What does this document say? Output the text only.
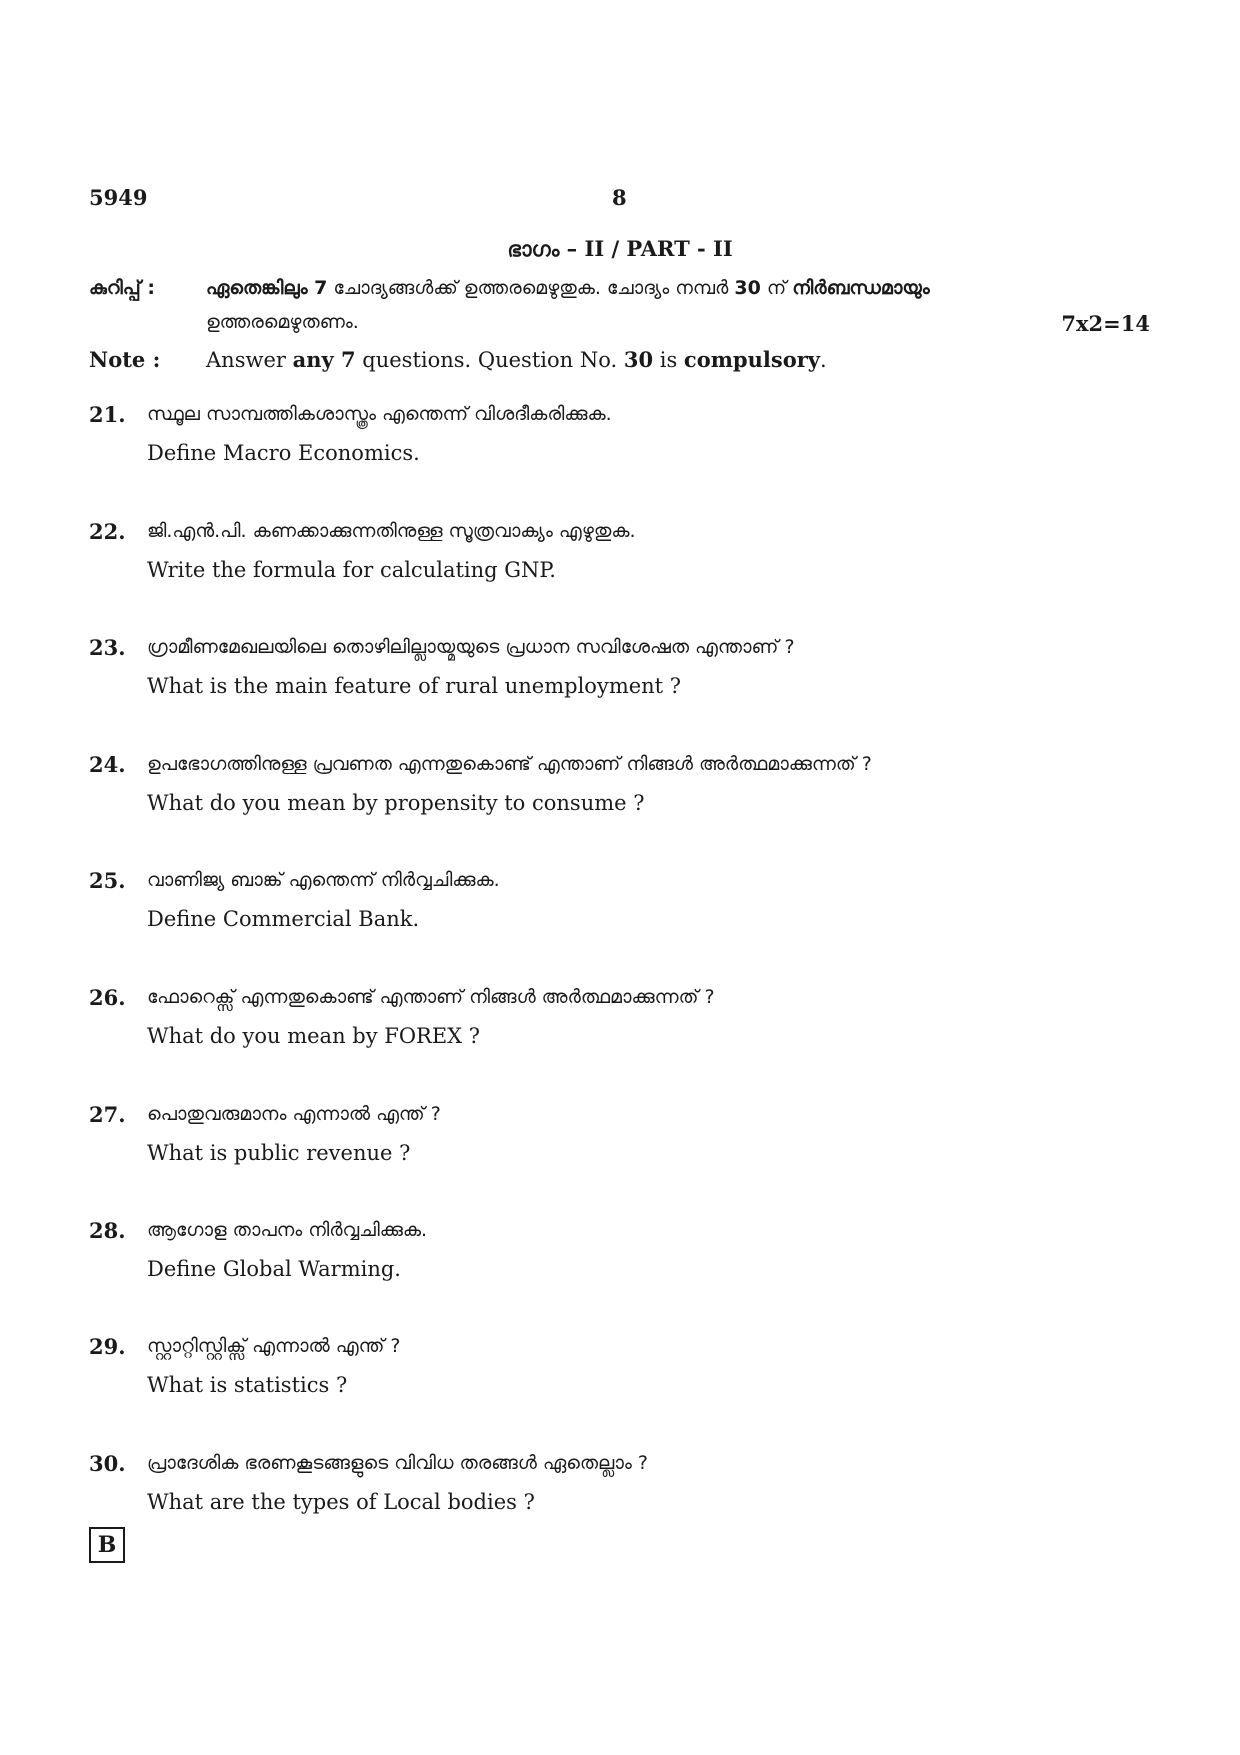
5949	8
ഭാഗം – II / PART - II
കുറിപ്പ് :	ഏതെങ്കിലും 7 ചോദ്യങ്ങൾക്ക് ഉത്തരമെഴുതുക. ചോദ്യം നമ്പർ 30 ന് നിർബന്ധമായും
ഉത്തരമെഴുതണം.	7x2=14
Note : Answer any 7 questions. Question No. 30 is compulsory.
21. സ്ഥൂല സാമ്പത്തികശാസ്ത്രം എന്തെന്ന് വിശദീകരിക്കുക.
Define Macro Economics.
22. ജി.എൻ.പി. കണക്കാക്കുന്നതിനുള്ള സൂത്രവാക്യം എഴുതുക.
Write the formula for calculating GNP.
23. ഗ്രാമീണമേഖലയിലെ തൊഴിലില്ലായ്മയുടെ പ്രധാന സവിശേഷത എന്താണ് ?
What is the main feature of rural unemployment ?
24. ഉപഭോഗത്തിനുള്ള പ്രവണത എന്നതുകൊണ്ട് എന്താണ് നിങ്ങൾ അർത്ഥമാക്കുന്നത് ?
What do you mean by propensity to consume ?
25. വാണിജ്യ ബാങ്ക് എന്തെന്ന് നിർവ്വചിക്കുക.
Define Commercial Bank.
26. ഫോറെക്സ് എന്നതുകൊണ്ട് എന്താണ് നിങ്ങൾ അർത്ഥമാക്കുന്നത് ?
What do you mean by FOREX ?
27. പൊതുവരുമാനം എന്നാൽ എന്ത് ?
What is public revenue ?
28. ആഗോള താപനം നിർവ്വചിക്കുക.
Define Global Warming.
29. സ്റ്റാറ്റിസ്റ്റിക്സ് എന്നാൽ എന്ത് ?
What is statistics ?
30. പ്രാദേശിക ഭരണകൂടങ്ങളുടെ വിവിധ തരങ്ങൾ ഏതെല്ലാം ?
What are the types of Local bodies ?
B
